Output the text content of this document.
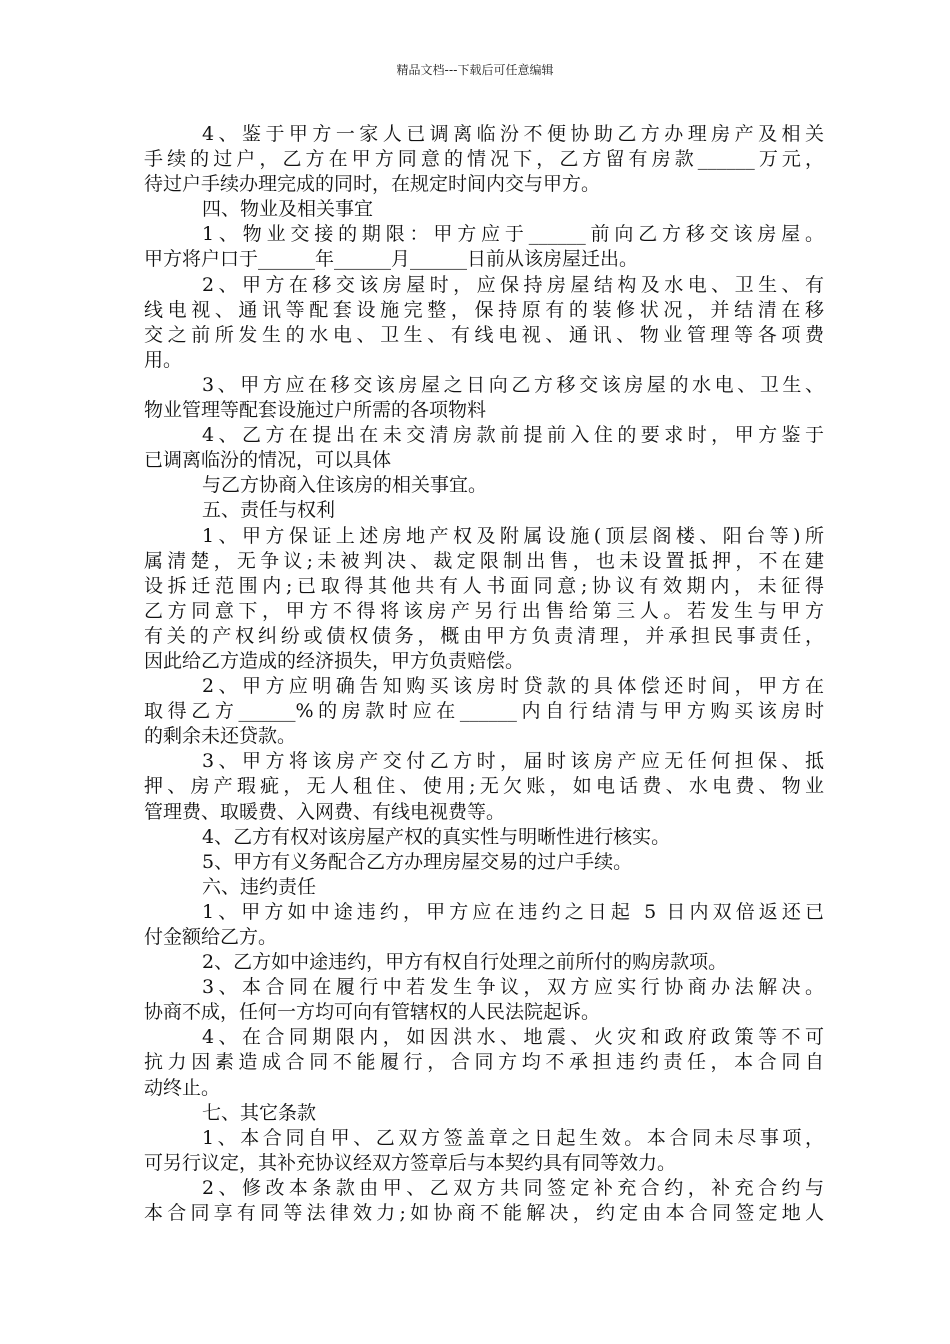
精品文档---下载后可任意编辑
4、鉴于甲方一家人已调离临汾不便协助乙方办理房产及相关
手续的过户，乙方在甲方同意的情况下，乙方留有房款______万元，
待过户手续办理完成的同时，在规定时间内交与甲方。
四、物业及相关事宜
1、物业交接的期限：甲方应于______前向乙方移交该房屋。
甲方将户口于______年______月______日前从该房屋迁出。
2、甲方在移交该房屋时，应保持房屋结构及水电、卫生、有
线电视、通讯等配套设施完整，保持原有的装修状况，并结清在移
交之前所发生的水电、卫生、有线电视、通讯、物业管理等各项费
用。
3、甲方应在移交该房屋之日向乙方移交该房屋的水电、卫生、
物业管理等配套设施过户所需的各项物料
4、乙方在提出在未交清房款前提前入住的要求时，甲方鉴于
已调离临汾的情况，可以具体
与乙方协商入住该房的相关事宜。
五、责任与权利
1、甲方保证上述房地产权及附属设施(顶层阁楼、阳台等)所
属清楚，无争议;未被判决、裁定限制出售，也未设置抵押，不在建
设拆迁范围内;已取得其他共有人书面同意;协议有效期内，未征得
乙方同意下，甲方不得将该房产另行出售给第三人。若发生与甲方
有关的产权纠纷或债权债务，概由甲方负责清理，并承担民事责任，
因此给乙方造成的经济损失，甲方负责赔偿。
2、甲方应明确告知购买该房时贷款的具体偿还时间，甲方在
取得乙方______%的房款时应在______内自行结清与甲方购买该房时
的剩余未还贷款。
3、甲方将该房产交付乙方时，届时该房产应无任何担保、抵
押、房产瑕疵，无人租住、使用;无欠账，如电话费、水电费、物业
管理费、取暖费、入网费、有线电视费等。
4、乙方有权对该房屋产权的真实性与明晰性进行核实。
5、甲方有义务配合乙方办理房屋交易的过户手续。
六、违约责任
1、甲方如中途违约，甲方应在违约之日起 5 日内双倍返还已
付金额给乙方。
2、乙方如中途违约，甲方有权自行处理之前所付的购房款项。
3、本合同在履行中若发生争议，双方应实行协商办法解决。
协商不成，任何一方均可向有管辖权的人民法院起诉。
4、在合同期限内，如因洪水、地震、火灾和政府政策等不可
抗力因素造成合同不能履行，合同方均不承担违约责任，本合同自
动终止。
七、其它条款
1、本合同自甲、乙双方签盖章之日起生效。本合同未尽事项，
可另行议定，其补充协议经双方签章后与本契约具有同等效力。
2、修改本条款由甲、乙双方共同签定补充合约，补充合约与
本合同享有同等法律效力;如协商不能解决，约定由本合同签定地人
